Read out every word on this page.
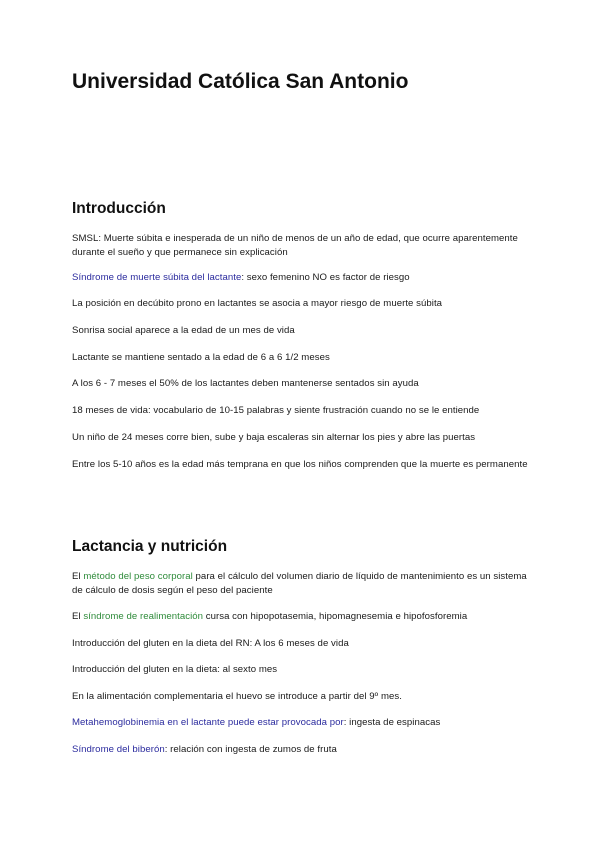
Universidad Católica San Antonio
Introducción

SMSL: Muerte súbita e inesperada de un niño de menos de un año de edad, que ocurre aparentemente durante el sueño y que permanece sin explicación

Síndrome de muerte súbita del lactante: sexo femenino NO es factor de riesgo

La posición en decúbito prono en lactantes se asocia a mayor riesgo de muerte súbita

Sonrisa social aparece a la edad de un mes de vida

Lactante se mantiene sentado a la edad de 6 a 6 1/2 meses

A los 6 - 7 meses el 50% de los lactantes deben mantenerse sentados sin ayuda

18 meses de vida: vocabulario de 10-15 palabras y siente frustración cuando no se le entiende

Un niño de 24 meses corre bien, sube y baja escaleras sin alternar los pies y abre las puertas

Entre los 5-10 años es la edad más temprana en que los niños comprenden que la muerte es permanente

Lactancia y nutrición

El método del peso corporal para el cálculo del volumen diario de líquido de mantenimiento es un sistema de cálculo de dosis según el peso del paciente

El síndrome de realimentación cursa con hipopotasemia, hipomagnesemia e hipofosforemia

Introducción del gluten en la dieta del RN: A los 6 meses de vida

Introducción del gluten en la dieta: al sexto mes

En la alimentación complementaria el huevo se introduce a partir del 9º mes.

Metahemoglobinemia en el lactante puede estar provocada por: ingesta de espinacas

Síndrome del biberón: relación con ingesta de zumos de fruta
